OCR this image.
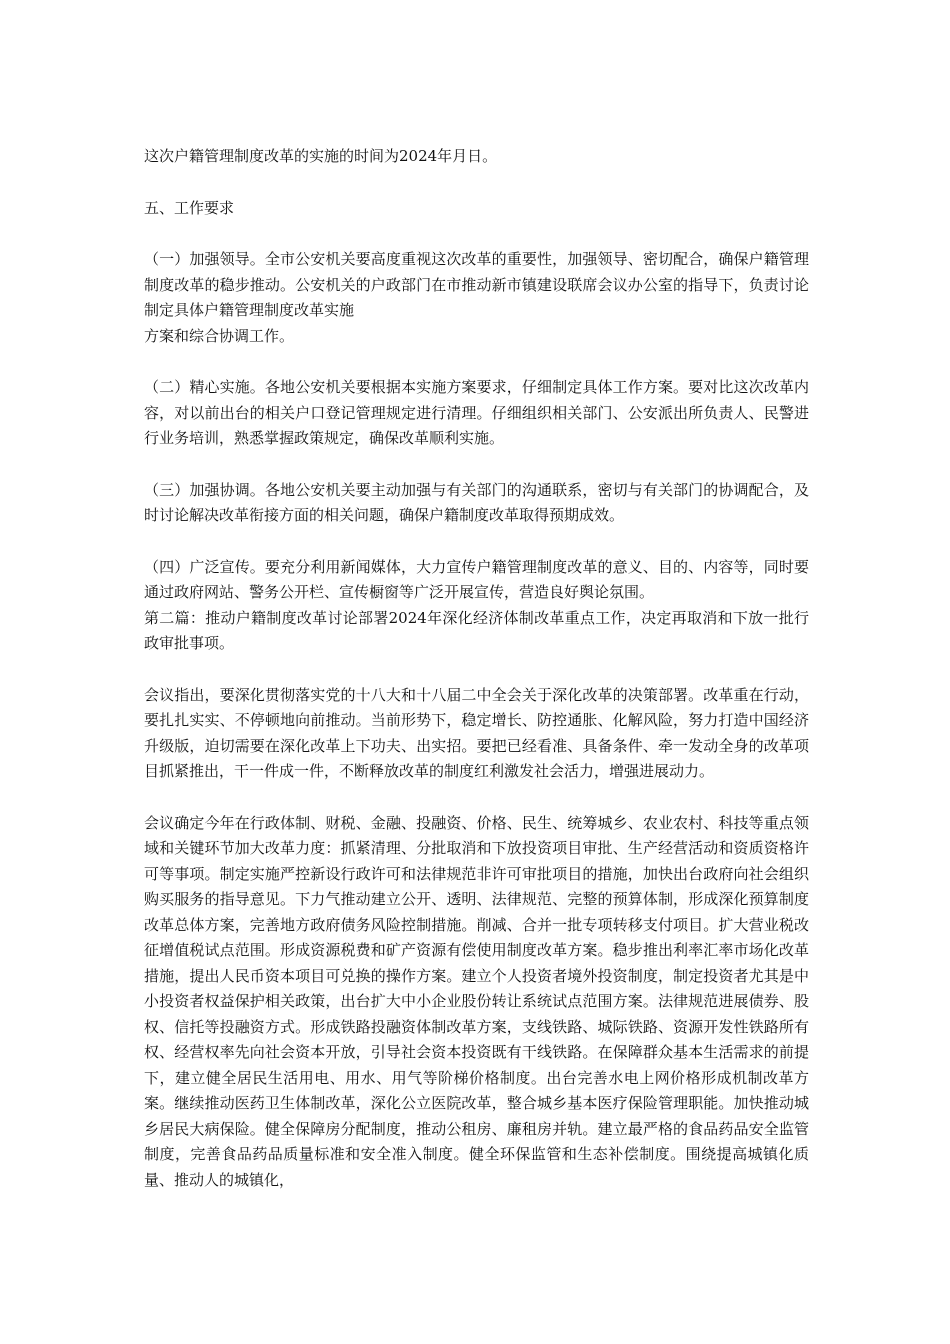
这次户籍管理制度改革的实施的时间为2024年月日。

五、工作要求

（一）加强领导。全市公安机关要高度重视这次改革的重要性，加强领导、密切配合，确保户籍管理制度改革的稳步推动。公安机关的户政部门在市推动新市镇建设联席会议办公室的指导下，负责讨论制定具体户籍管理制度改革实施
方案和综合协调工作。

（二）精心实施。各地公安机关要根据本实施方案要求，仔细制定具体工作方案。要对比这次改革内容，对以前出台的相关户口登记管理规定进行清理。仔细组织相关部门、公安派出所负责人、民警进行业务培训，熟悉掌握政策规定，确保改革顺利实施。

（三）加强协调。各地公安机关要主动加强与有关部门的沟通联系，密切与有关部门的协调配合，及时讨论解决改革衔接方面的相关问题，确保户籍制度改革取得预期成效。

（四）广泛宣传。要充分利用新闻媒体，大力宣传户籍管理制度改革的意义、目的、内容等，同时要通过政府网站、警务公开栏、宣传橱窗等广泛开展宣传，营造良好舆论氛围。

第二篇：推动户籍制度改革讨论部署2024年深化经济体制改革重点工作，决定再取消和下放一批行政审批事项。

会议指出，要深化贯彻落实党的十八大和十八届二中全会关于深化改革的决策部署。改革重在行动，要扎扎实实、不停顿地向前推动。当前形势下，稳定增长、防控通胀、化解风险，努力打造中国经济升级版，迫切需要在深化改革上下功夫、出实招。要把已经看准、具备条件、牵一发动全身的改革项目抓紧推出，干一件成一件，不断释放改革的制度红利激发社会活力，增强进展动力。

会议确定今年在行政体制、财税、金融、投融资、价格、民生、统筹城乡、农业农村、科技等重点领域和关键环节加大改革力度：抓紧清理、分批取消和下放投资项目审批、生产经营活动和资质资格许可等事项。制定实施严控新设行政许可和法律规范非许可审批项目的措施，加快出台政府向社会组织购买服务的指导意见。下力气推动建立公开、透明、法律规范、完整的预算体制，形成深化预算制度改革总体方案，完善地方政府债务风险控制措施。削减、合并一批专项转移支付项目。扩大营业税改征增值税试点范围。形成资源税费和矿产资源有偿使用制度改革方案。稳步推出利率汇率市场化改革措施，提出人民币资本项目可兑换的操作方案。建立个人投资者境外投资制度，制定投资者尤其是中小投资者权益保护相关政策，出台扩大中小企业股份转让系统试点范围方案。法律规范进展债券、股权、信托等投融资方式。形成铁路投融资体制改革方案，支线铁路、城际铁路、资源开发性铁路所有权、经营权率先向社会资本开放，引导社会资本投资既有干线铁路。在保障群众基本生活需求的前提下，建立健全居民生活用电、用水、用气等阶梯价格制度。出台完善水电上网价格形成机制改革方案。继续推动医药卫生体制改革，深化公立医院改革，整合城乡基本医疗保险管理职能。加快推动城乡居民大病保险。健全保障房分配制度，推动公租房、廉租房并轨。建立最严格的食品药品安全监管制度，完善食品药品质量标准和安全准入制度。健全环保监管和生态补偿制度。围绕提高城镇化质量、推动人的城镇化，
